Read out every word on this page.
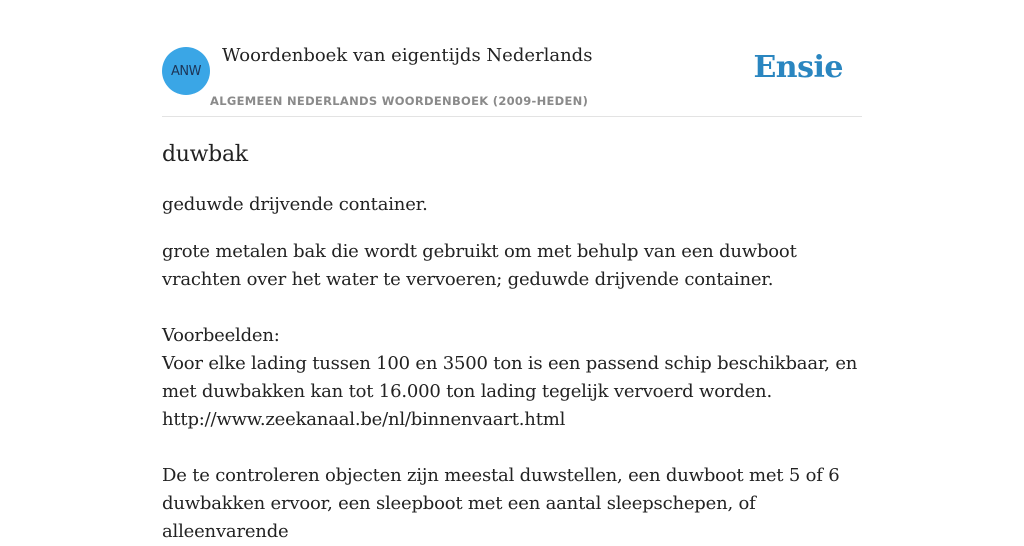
ANW
Woordenboek van eigentijds Nederlands
ALGEMEEN NEDERLANDS WOORDENBOEK (2009-HEDEN)
Ensie
duwbak

geduwde drijvende container.

grote metalen bak die wordt gebruikt om met behulp van een duwboot vrachten over het water te vervoeren; geduwde drijvende container.

Voorbeelden:

Voor elke lading tussen 100 en 3500 ton is een passend schip beschikbaar, en met duwbakken kan tot 16.000 ton lading tegelijk vervoerd worden.

http://www.zeekanaal.be/nl/binnenvaart.html

De te controleren objecten zijn meestal duwstellen, een duwboot met 5 of 6 duwbakken ervoor, een sleepboot met een aantal sleepschepen, of alleenvarende
